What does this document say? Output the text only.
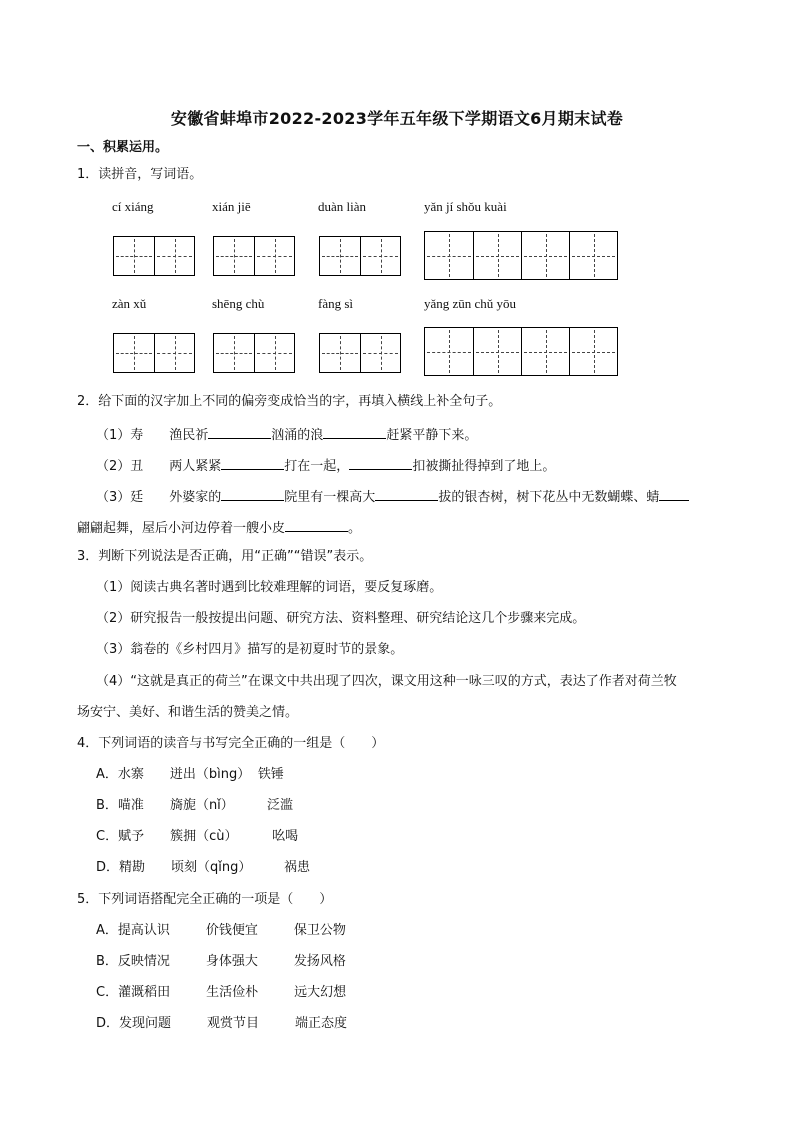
安徽省蚌埠市2022-2023学年五年级下学期语文6月期末试卷
一、积累运用。
1．读拼音，写词语。
cí xiáng	xián jiē	duàn liàn	yǎn jí shǒu kuài
zàn xǔ	shēng chù	fàng sì	yǎng zūn chǔ yōu
2．给下面的汉字加上不同的偏旁变成恰当的字，再填入横线上补全句子。
（1）寿 渔民祈	汹涌的浪	赶紧平静下来。
（2）丑 两人紧紧	打在一起，	扣被撕扯得掉到了地上。
（3）廷 外婆家的	院里有一棵高大	拔的银杏树，树下花丛中无数蝴蝶、蜻
翩翩起舞，屋后小河边停着一艘小皮	。
3．判断下列说法是否正确，用“正确”“错误”表示。
（1）阅读古典名著时遇到比较难理解的词语，要反复琢磨。
（2）研究报告一般按提出问题、研究方法、资料整理、研究结论这几个步骤来完成。
（3）翁卷的《乡村四月》描写的是初夏时节的景象。
（4）“这就是真正的荷兰”在课文中共出现了四次，课文用这种一咏三叹的方式，表达了作者对荷兰牧
场安宁、美好、和谐生活的赞美之情。
4．下列词语的读音与书写完全正确的一组是（　　）
A．水寨 迸出（bìng） 铁锤
B．喵准 旖旎（nǐ）	泛滥
C．赋予 簇拥（cù）	吆喝
D．精勘 顷刻（qǐng）	祸患
5．下列词语搭配完全正确的一项是（　　）
A．提高认识	价钱便宜	保卫公物
B．反映情况	身体强大	发扬风格
C．灌溉稻田	生活俭朴	远大幻想
D．发现问题	观赏节目	端正态度
